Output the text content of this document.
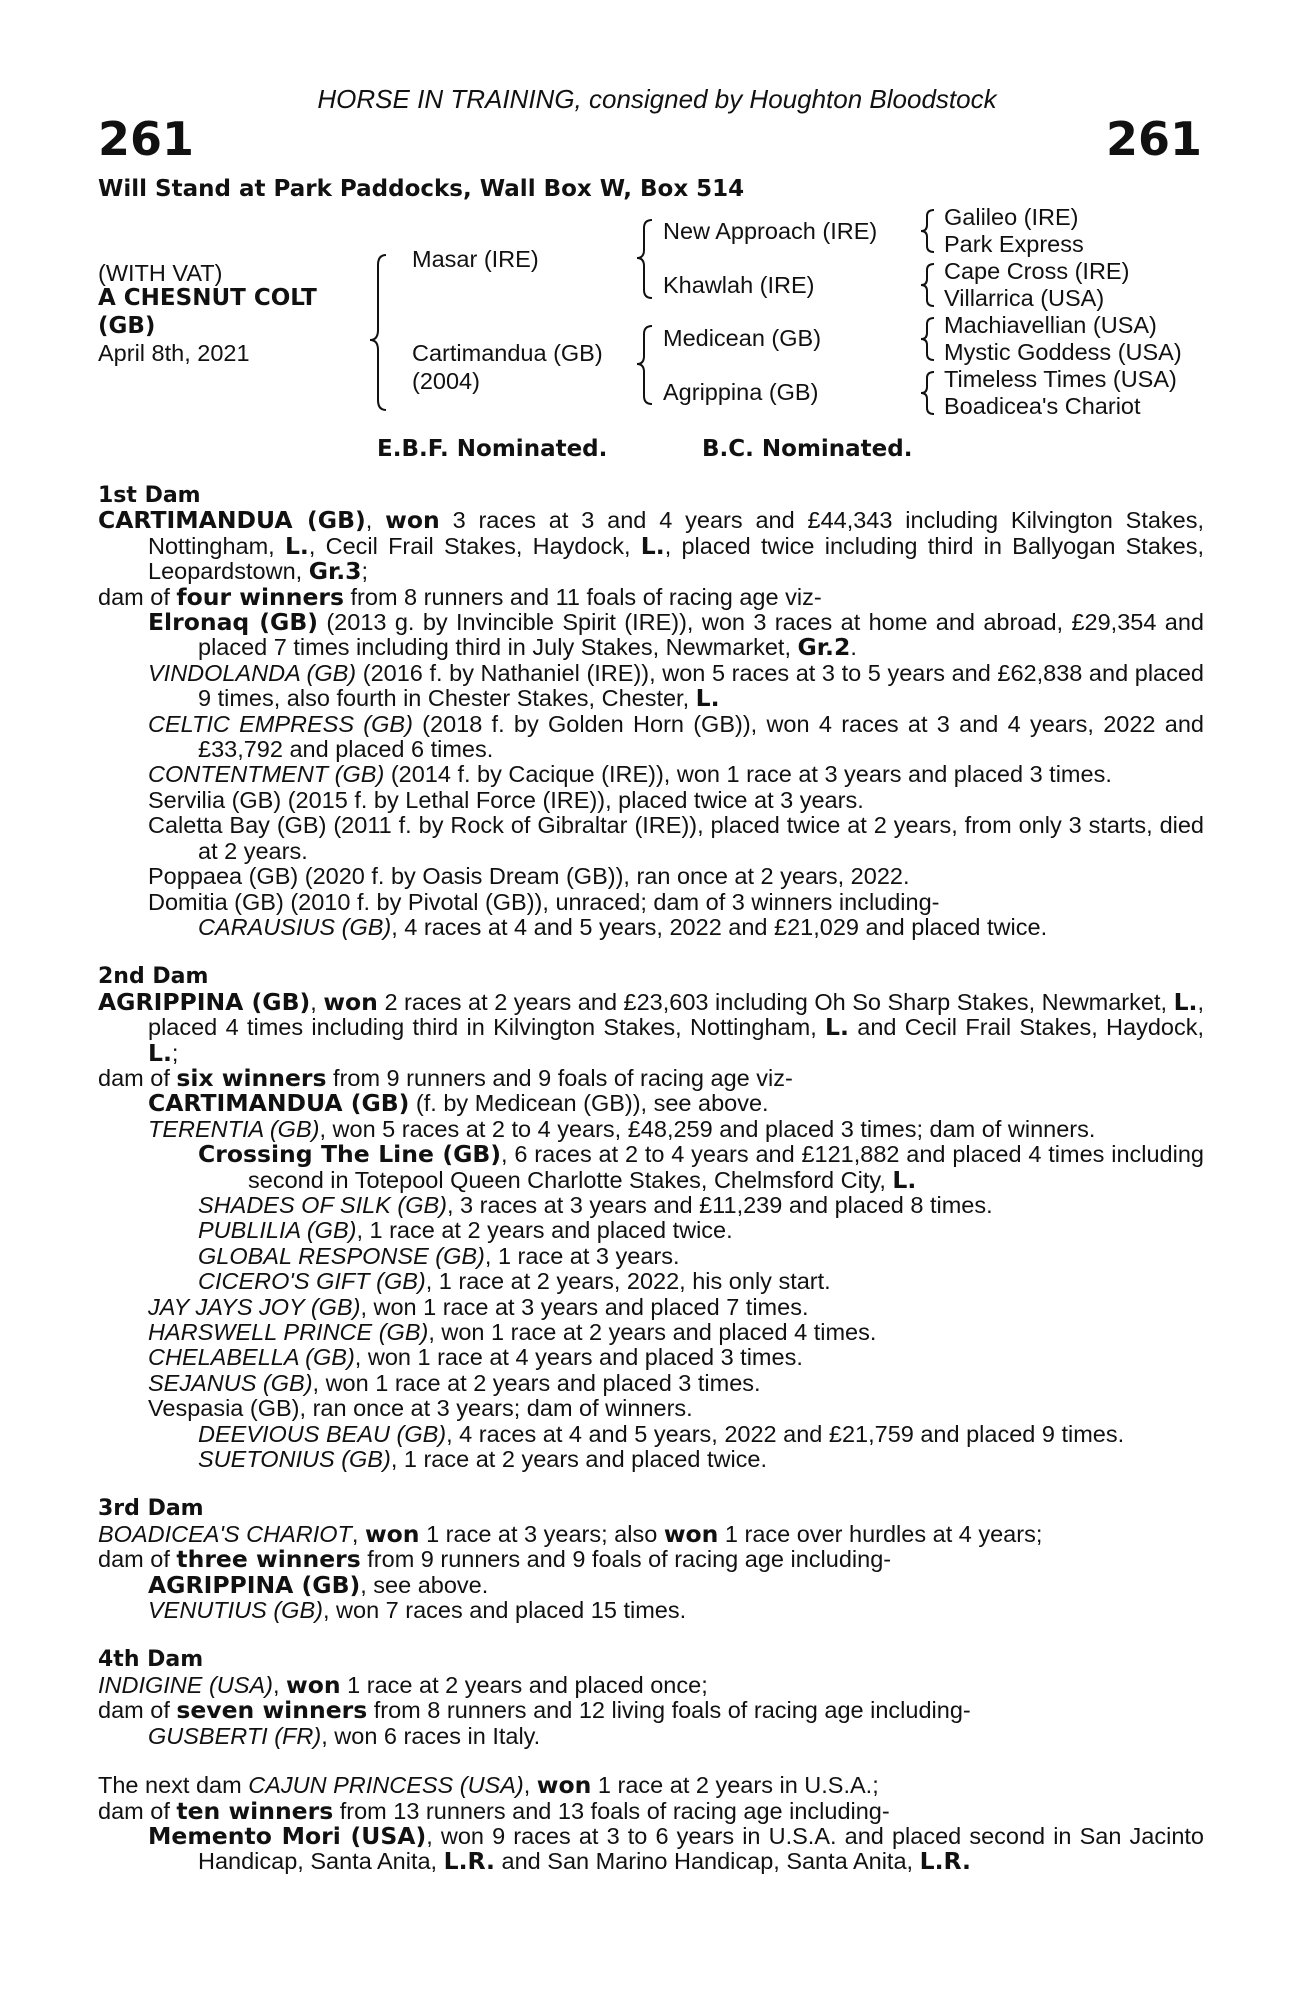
HORSE IN TRAINING, consigned by Houghton Bloodstock
261	261
Will Stand at Park Paddocks, Wall Box W, Box 514
(WITH VAT)
A CHESNUT COLT
(GB)
April 8th, 2021
Masar (IRE)
Cartimandua (GB)
(2004)
New Approach (IRE)
Khawlah (IRE)
Medicean (GB)
Agrippina (GB)
Galileo (IRE)
Park Express
Cape Cross (IRE)
Villarrica (USA)
Machiavellian (USA)
Mystic Goddess (USA)
Timeless Times (USA)
Boadicea's Chariot
E.B.F. Nominated.	B.C. Nominated.
1st Dam
CARTIMANDUA (GB), won 3 races at 3 and 4 years and £44,343 including Kilvington Stakes, Nottingham, L., Cecil Frail Stakes, Haydock, L., placed twice including third in Ballyogan Stakes, Leopardstown, Gr.3;
dam of four winners from 8 runners and 11 foals of racing age viz-
Elronaq (GB) (2013 g. by Invincible Spirit (IRE)), won 3 races at home and abroad, £29,354 and placed 7 times including third in July Stakes, Newmarket, Gr.2.
VINDOLANDA (GB) (2016 f. by Nathaniel (IRE)), won 5 races at 3 to 5 years and £62,838 and placed 9 times, also fourth in Chester Stakes, Chester, L.
CELTIC EMPRESS (GB) (2018 f. by Golden Horn (GB)), won 4 races at 3 and 4 years, 2022 and £33,792 and placed 6 times.
CONTENTMENT (GB) (2014 f. by Cacique (IRE)), won 1 race at 3 years and placed 3 times.
Servilia (GB) (2015 f. by Lethal Force (IRE)), placed twice at 3 years.
Caletta Bay (GB) (2011 f. by Rock of Gibraltar (IRE)), placed twice at 2 years, from only 3 starts, died at 2 years.
Poppaea (GB) (2020 f. by Oasis Dream (GB)), ran once at 2 years, 2022.
Domitia (GB) (2010 f. by Pivotal (GB)), unraced; dam of 3 winners including-
CARAUSIUS (GB), 4 races at 4 and 5 years, 2022 and £21,029 and placed twice.
2nd Dam
AGRIPPINA (GB), won 2 races at 2 years and £23,603 including Oh So Sharp Stakes, Newmarket, L., placed 4 times including third in Kilvington Stakes, Nottingham, L. and Cecil Frail Stakes, Haydock, L.;
dam of six winners from 9 runners and 9 foals of racing age viz-
CARTIMANDUA (GB) (f. by Medicean (GB)), see above.
TERENTIA (GB), won 5 races at 2 to 4 years, £48,259 and placed 3 times; dam of winners.
Crossing The Line (GB), 6 races at 2 to 4 years and £121,882 and placed 4 times including second in Totepool Queen Charlotte Stakes, Chelmsford City, L.
SHADES OF SILK (GB), 3 races at 3 years and £11,239 and placed 8 times.
PUBLILIA (GB), 1 race at 2 years and placed twice.
GLOBAL RESPONSE (GB), 1 race at 3 years.
CICERO'S GIFT (GB), 1 race at 2 years, 2022, his only start.
JAY JAYS JOY (GB), won 1 race at 3 years and placed 7 times.
HARSWELL PRINCE (GB), won 1 race at 2 years and placed 4 times.
CHELABELLA (GB), won 1 race at 4 years and placed 3 times.
SEJANUS (GB), won 1 race at 2 years and placed 3 times.
Vespasia (GB), ran once at 3 years; dam of winners.
DEEVIOUS BEAU (GB), 4 races at 4 and 5 years, 2022 and £21,759 and placed 9 times.
SUETONIUS (GB), 1 race at 2 years and placed twice.
3rd Dam
BOADICEA'S CHARIOT, won 1 race at 3 years; also won 1 race over hurdles at 4 years;
dam of three winners from 9 runners and 9 foals of racing age including-
AGRIPPINA (GB), see above.
VENUTIUS (GB), won 7 races and placed 15 times.
4th Dam
INDIGINE (USA), won 1 race at 2 years and placed once;
dam of seven winners from 8 runners and 12 living foals of racing age including-
GUSBERTI (FR), won 6 races in Italy.
The next dam CAJUN PRINCESS (USA), won 1 race at 2 years in U.S.A.;
dam of ten winners from 13 runners and 13 foals of racing age including-
Memento Mori (USA), won 9 races at 3 to 6 years in U.S.A. and placed second in San Jacinto Handicap, Santa Anita, L.R. and San Marino Handicap, Santa Anita, L.R.
